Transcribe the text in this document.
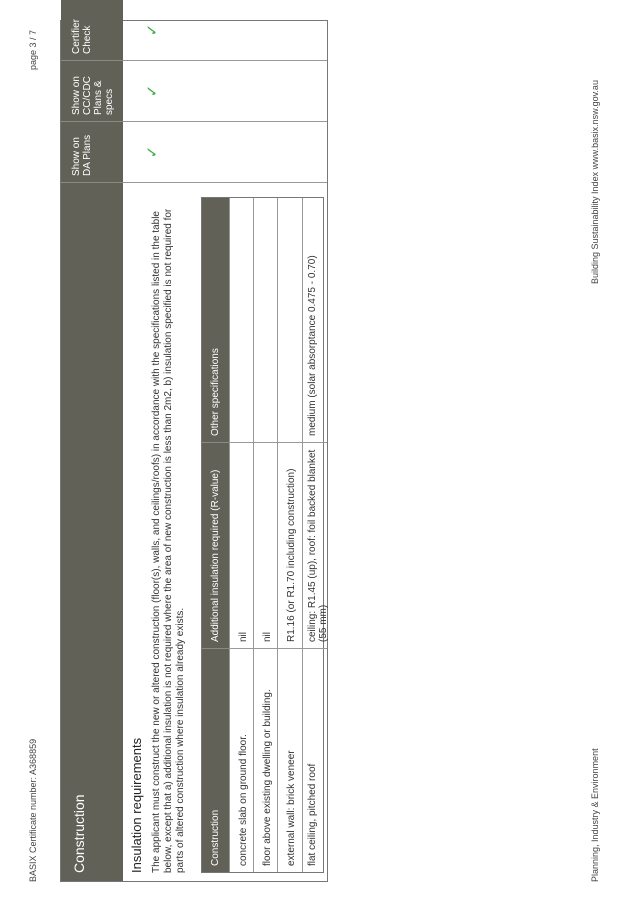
BASIX Certificate number: A368859
page 3 / 7
Construction
Show on DA Plans
Show on CC/CDC Plans & specs
Certifier Check
Insulation requirements The applicant must construct the new or altered construction (floor(s), walls, and ceilings/roofs) in accordance with the specifications listed in the table below, except that a) additional insulation is not required where the area of new construction is less than 2m2, b) insulation specified is not required for parts of altered construction where insulation already exists.	Construction
Additional insulation required (R-value)
Other specifications
concrete slab on ground floor.
nil
floor above existing dwelling or building.
nil
external wall: brick veneer
R1.16 (or R1.70 including construction)
flat ceiling, pitched roof
ceiling: R1.45 (up), roof: foil backed blanket (55 mm)
medium (solar absorptance 0.475 - 0.70)
✓
✓
✓
Planning, Industry & Environment
Building Sustainability Index www.basix.nsw.gov.au
